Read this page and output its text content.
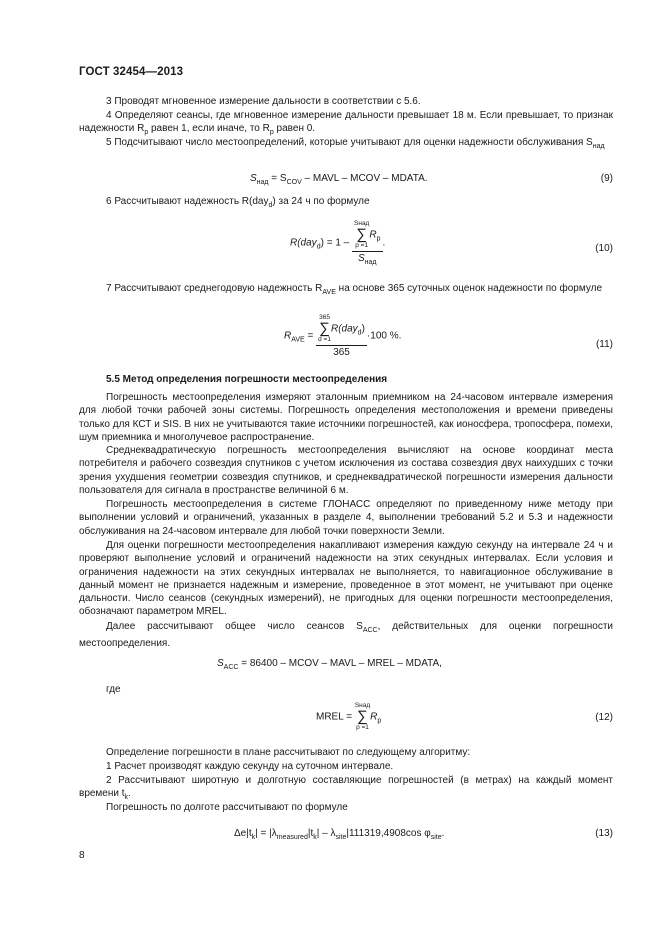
ГОСТ 32454—2013
3 Проводят мгновенное измерение дальности в соответствии с 5.6.
4 Определяют сеансы, где мгновенное измерение дальности превышает 18 м. Если превышает, то признак надежности $R_р$ равен 1, если иначе, то $R_р$ равен 0.
5 Подсчитывают число местоопределений, которые учитывают для оценки надежности обслуживания $S_{над}$
$S_{над} = S_{COV}$ – MAVL – MCOV – MDATA.	(9)
6 Рассчитывают надежность R(day$_d$) за 24 ч по формуле
R(day$_d$) = 1 – Sнад
∑
p =1
$R_p$
$S_{над}$ .	(10)
7 Рассчитывают среднегодовую надежность $R_{AVE}$ на основе 365 суточных оценок надежности по формуле
$R_{AVE} = 365$
∑
d =1
R(day$_d$)
365 ·100 %.
(11)
5.5 Метод определения погрешности местоопределения
Погрешность местоопределения измеряют эталонным приемником на 24-часовом интервале измерения для любой точки рабочей зоны системы. Погрешность определения местоположения и времени приведены только для КСТ и SIS. В них не учитываются такие источники погрешностей, как ионосфера, тропосфера, помехи, шум приемника и многолучевое распространение.
Среднеквадратическую погрешность местоопределения вычисляют на основе координат места потребителя и рабочего созвездия спутников с учетом исключения из состава созвездия двух наихудших с точки зрения ухудшения геометрии созвездия спутников, и среднеквадратической погрешности измерения дальности пользователя для сигнала в пространстве величиной 6 м.
Погрешность местоопределения в системе ГЛОНАСС определяют по приведенному ниже методу при выполнении условий и ограничений, указанных в разделе 4, выполнении требований 5.2 и 5.3 и надежности обслуживания на 24-часовом интервале для любой точки поверхности Земли.
Для оценки погрешности местоопределения накапливают измерения каждую секунду на интервале 24 ч и проверяют выполнение условий и ограничений надежности на этих секундных интервалах. Если условия и ограничения надежности на этих секундных интервалах не выполняется, то навигационное обслуживание в данный момент не признается надежным и измерение, проведенное в этот момент, не учитывают при оценке дальности. Число сеансов (секундных измерений), не пригодных для оценки погрешности местоопределения, обозначают параметром MREL.
Далее рассчитывают общее число сеансов $S_{ACC}$, действительных для оценки погрешности местоопределения.
$S_{ACC} = 86400$ – MCOV – MAVL – MREL – MDATA,
где
MREL =
Sнад
∑
p =1
$R_p$	(12)
Определение погрешности в плане рассчитывают по следующему алгоритму:
1 Расчет производят каждую секунду на суточном интервале.
2 Рассчитывают широтную и долготную составляющие погрешностей (в метрах) на каждый момент времени $t_k$.
Погрешность по долготе рассчитывают по формуле
$\Delta e|t_k| = |\lambda_{measured}|t_k| - \lambda_{site}|111319,4908\cos$ $\varphi_{site}$.	(13)
8
